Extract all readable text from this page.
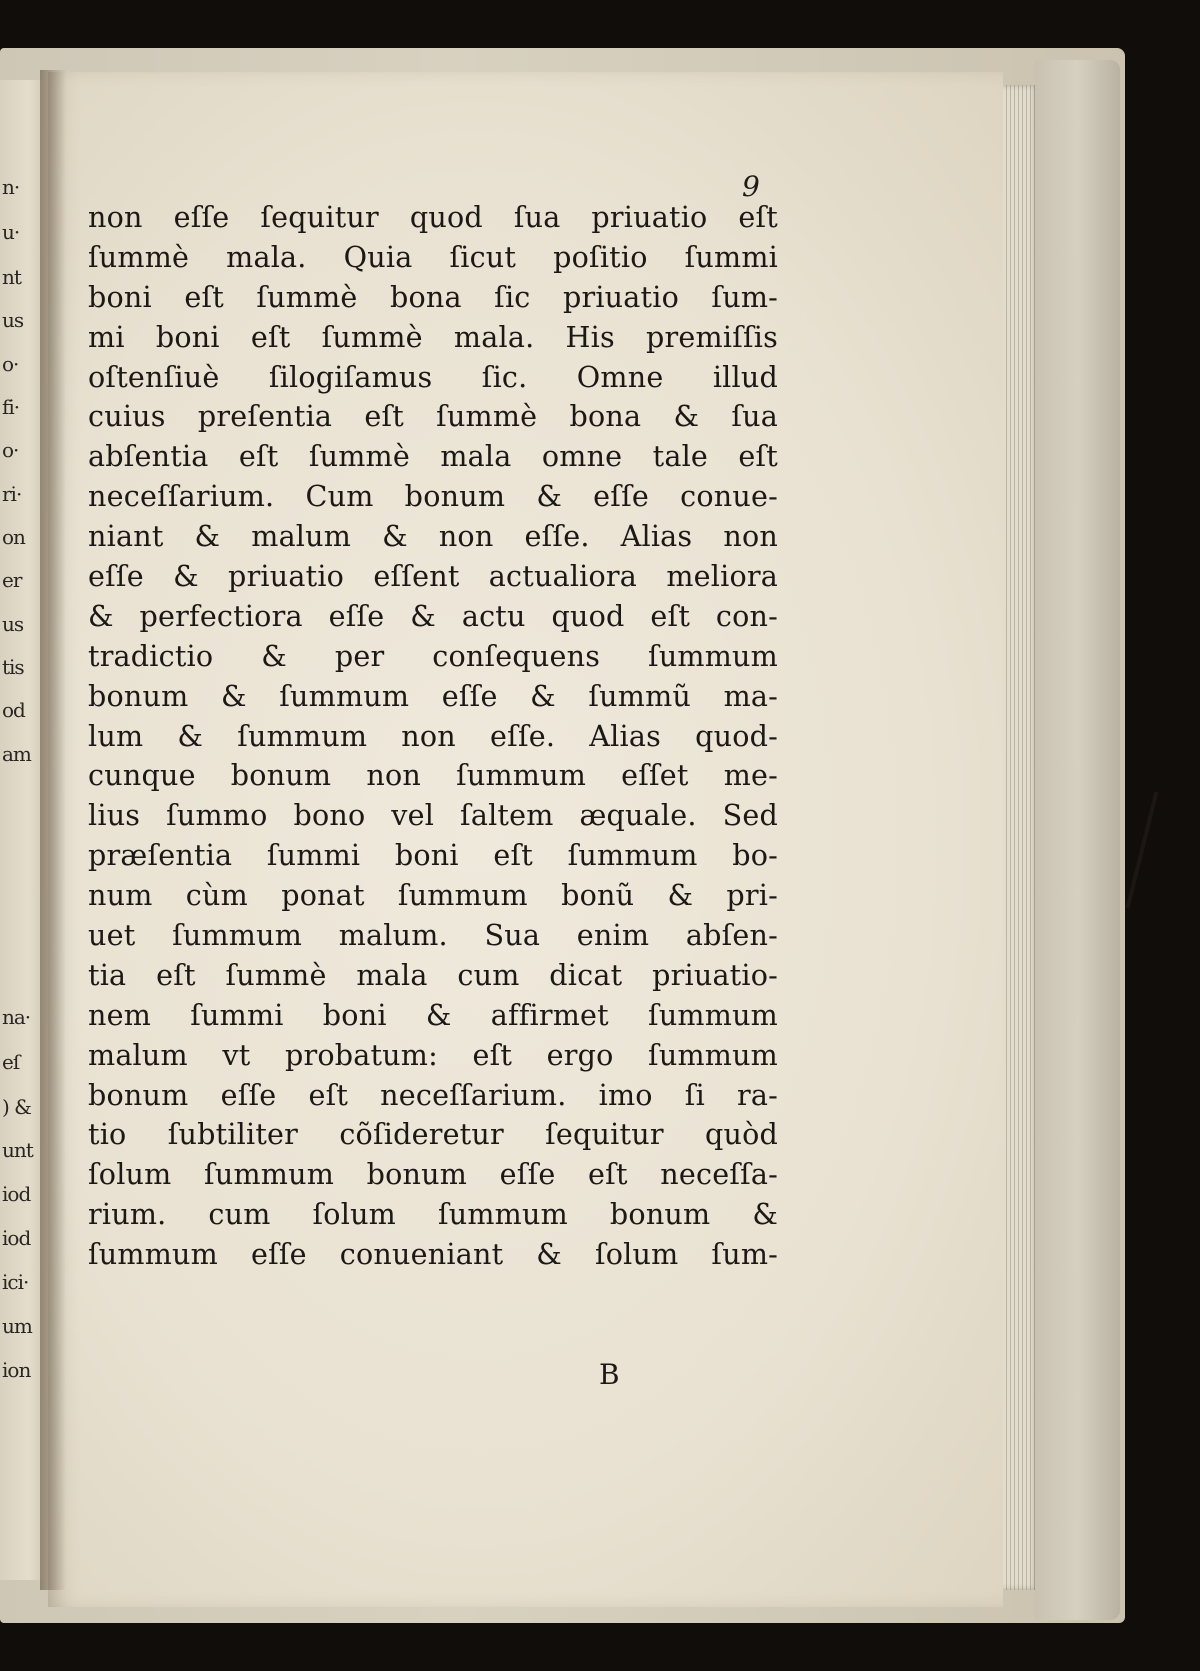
n·
u·
nt
us
o·
fi·
o·
ri·
on
er
us
tis
od
am
na·
eſ
) &
unt
iod
iod
ici·
um
ion
9
non eſſe ſequitur quod ſua priuatio eſt
ſummè mala. Quia ſicut poſitio ſummi
boni eſt ſummè bona ſic priuatio ſum-
mi boni eſt ſummè mala. His premiſſis
oſtenſiuè ſilogiſamus ſic. Omne illud
cuius preſentia eſt ſummè bona & ſua
abſentia eſt ſummè mala omne tale eſt
neceſſarium. Cum bonum & eſſe conue-
niant & malum & non eſſe. Alias non
eſſe & priuatio eſſent actualiora meliora
& perfectiora eſſe & actu quod eſt con-
tradictio & per conſequens ſummum
bonum & ſummum eſſe & ſummũ ma-
lum & ſummum non eſſe. Alias quod-
cunque bonum non ſummum eſſet me-
lius ſummo bono vel ſaltem æquale. Sed
præſentia ſummi boni eſt ſummum bo-
num cùm ponat ſummum bonũ & pri-
uet ſummum malum. Sua enim abſen-
tia eſt ſummè mala cum dicat priuatio-
nem ſummi boni & affirmet ſummum
malum vt probatum: eſt ergo ſummum
bonum eſſe eſt neceſſarium. imo ſi ra-
tio ſubtiliter cõſideretur ſequitur quòd
ſolum ſummum bonum eſſe eſt neceſſa-
rium. cum ſolum ſummum bonum &
ſummum eſſe conueniant & ſolum ſum-
B
